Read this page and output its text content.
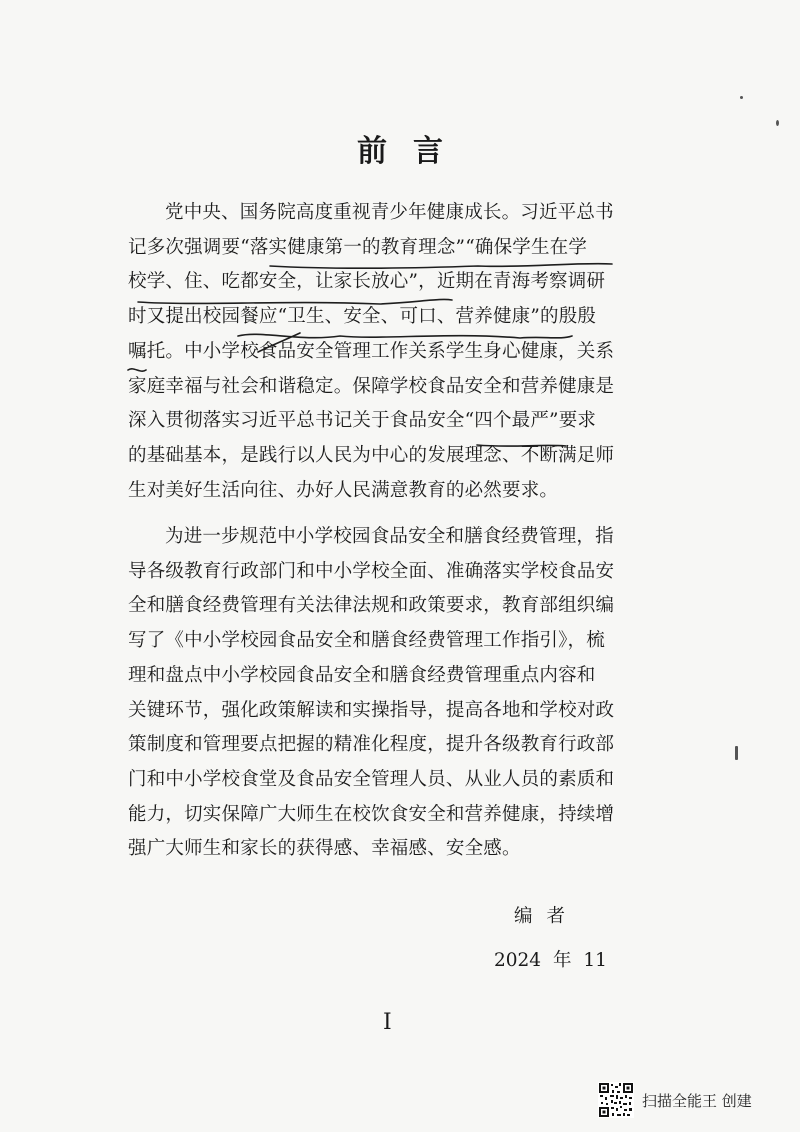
前言
党中央、国务院高度重视青少年健康成长。习近平总书
记多次强调要“落实健康第一的教育理念”“确保学生在学
校学、住、吃都安全，让家长放心”，近期在青海考察调研
时又提出校园餐应“卫生、安全、可口、营养健康”的殷殷
嘱托。中小学校食品安全管理工作关系学生身心健康，关系
家庭幸福与社会和谐稳定。保障学校食品安全和营养健康是
深入贯彻落实习近平总书记关于食品安全“四个最严”要求
的基础基本，是践行以人民为中心的发展理念、不断满足师
生对美好生活向往、办好人民满意教育的必然要求。
为进一步规范中小学校园食品安全和膳食经费管理，指
导各级教育行政部门和中小学校全面、准确落实学校食品安
全和膳食经费管理有关法律法规和政策要求，教育部组织编
写了《中小学校园食品安全和膳食经费管理工作指引》，梳
理和盘点中小学校园食品安全和膳食经费管理重点内容和
关键环节，强化政策解读和实操指导，提高各地和学校对政
策制度和管理要点把握的精准化程度，提升各级教育行政部
门和中小学校食堂及食品安全管理人员、从业人员的素质和
能力，切实保障广大师生在校饮食安全和营养健康，持续增
强广大师生和家长的获得感、幸福感、安全感。
编者
2024 年 11
I
扫描全能王 创建
